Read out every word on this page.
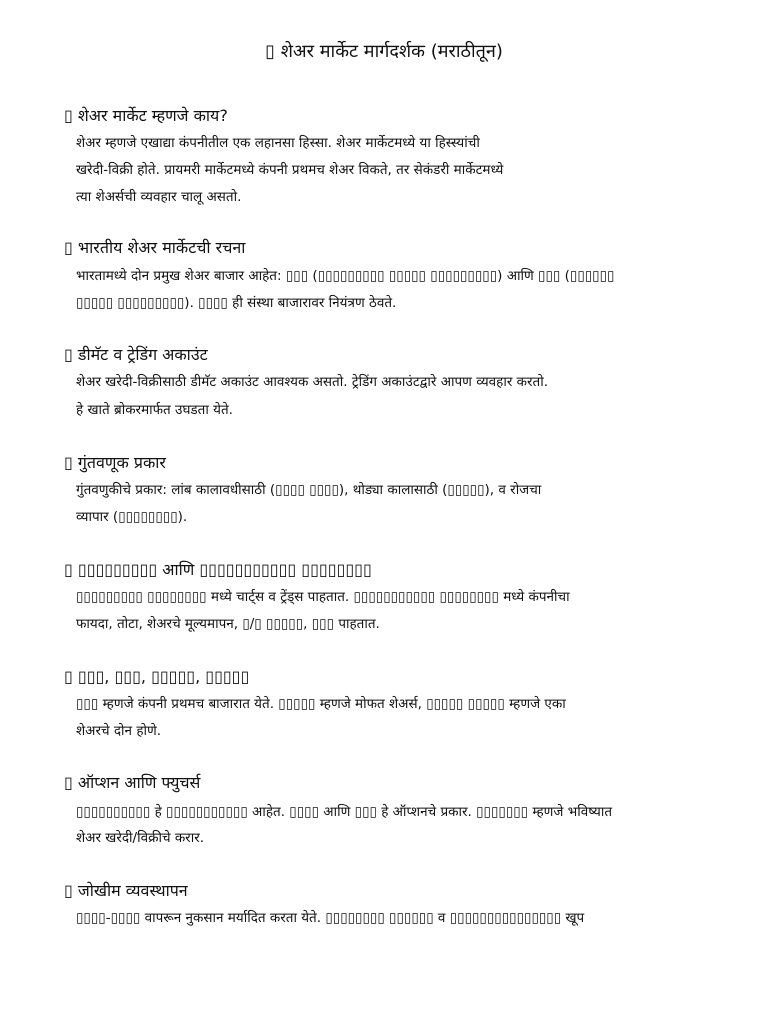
▯ शेअर मार्केट मार्गदर्शक (मराठीतून)
▯ शेअर मार्केट म्हणजे काय?
शेअर म्हणजे एखाद्या कंपनीतील एक लहानसा हिस्सा. शेअर मार्केटमध्ये या हिस्स्यांची
खरेदी-विक्री होते. प्रायमरी मार्केटमध्ये कंपनी प्रथमच शेअर विकते, तर सेकंडरी मार्केटमध्ये
त्या शेअर्सची व्यवहार चालू असतो.
▯ भारतीय शेअर मार्केटची रचना
भारतामध्ये दोन प्रमुख शेअर बाजार आहेत: ▯▯▯ (▯▯▯▯▯▯▯▯▯ ▯▯▯▯▯ ▯▯▯▯▯▯▯▯▯) आणि ▯▯▯ (▯▯▯▯▯▯
▯▯▯▯▯ ▯▯▯▯▯▯▯▯▯). ▯▯▯▯ ही संस्था बाजारावर नियंत्रण ठेवते.
▯ डीमॅट व ट्रेडिंग अकाउंट
शेअर खरेदी-विक्रीसाठी डीमॅट अकाउंट आवश्यक असतो. ट्रेडिंग अकाउंटद्वारे आपण व्यवहार करतो.
हे खाते ब्रोकरमार्फत उघडता येते.
▯ गुंतवणूक प्रकार
गुंतवणुकीचे प्रकार: लांब कालावधीसाठी (▯▯▯▯ ▯▯▯▯), थोड्या कालासाठी (▯▯▯▯▯), व रोजचा
व्यापार (▯▯▯▯▯▯▯▯).
▯ ▯▯▯▯▯▯▯▯▯ आणि ▯▯▯▯▯▯▯▯▯▯▯ ▯▯▯▯▯▯▯▯
▯▯▯▯▯▯▯▯▯ ▯▯▯▯▯▯▯▯ मध्ये चार्ट्स व ट्रेंड्स पाहतात. ▯▯▯▯▯▯▯▯▯▯▯ ▯▯▯▯▯▯▯▯ मध्ये कंपनीचा
फायदा, तोटा, शेअरचे मूल्यमापन, ▯/▯ ▯▯▯▯▯, ▯▯▯ पाहतात.
▯ ▯▯▯, ▯▯▯, ▯▯▯▯▯, ▯▯▯▯▯
▯▯▯ म्हणजे कंपनी प्रथमच बाजारात येते. ▯▯▯▯▯ म्हणजे मोफत शेअर्स, ▯▯▯▯▯ ▯▯▯▯▯ म्हणजे एका
शेअरचे दोन होणे.
▯ ऑप्शन आणि फ्युचर्स
▯▯▯▯▯▯▯▯▯▯ हे ▯▯▯▯▯▯▯▯▯▯▯ आहेत. ▯▯▯▯ आणि ▯▯▯ हे ऑप्शनचे प्रकार. ▯▯▯▯▯▯▯ म्हणजे भविष्यात
शेअर खरेदी/विक्रीचे करार.
▯ जोखीम व्यवस्थापन
▯▯▯▯-▯▯▯▯ वापरून नुकसान मर्यादित करता येते. ▯▯▯▯▯▯▯▯ ▯▯▯▯▯▯ व ▯▯▯▯▯▯▯▯▯▯▯▯▯▯▯ खूप
